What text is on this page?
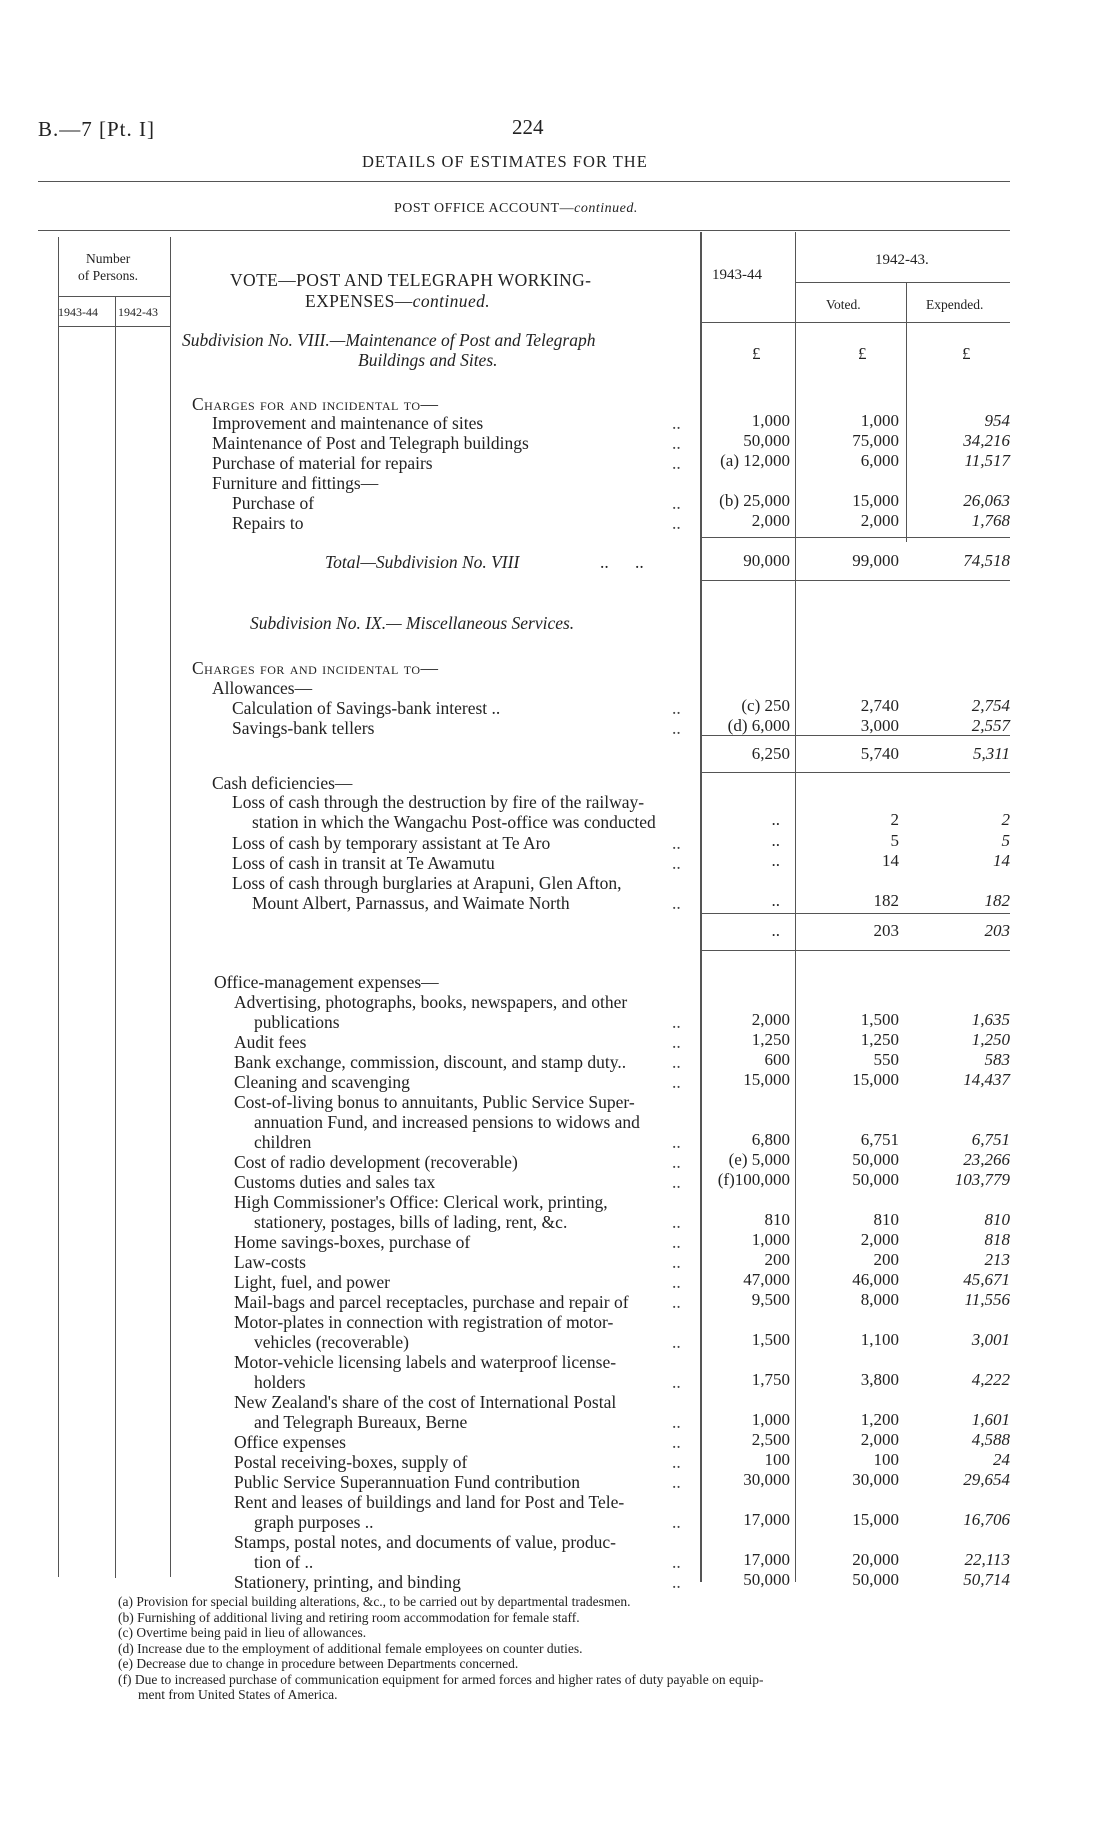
B.—7 [Pt. I]	224
DETAILS OF ESTIMATES FOR THE
POST OFFICE ACCOUNT—continued.
Number
of Persons.
1943-44 1942-43
VOTE—POST AND TELEGRAPH WORKING-
EXPENSES—continued.
1943-44
1942-43.
Voted.	Expended.
Subdivision No. VIII.—Maintenance of Post and Telegraph
Buildings and Sites.	£	£	£
Charges for and incidental to—
Improvement and maintenance of sites	..	1,000	1,000	954
Maintenance of Post and Telegraph buildings	..	50,000	75,000	34,216
Purchase of material for repairs	.. (a) 12,000	6,000	11,517
Furniture and fittings—
Purchase of	.. (b) 25,000	15,000	26,063
Repairs to	..	2,000	2,000	1,768
Total—Subdivision No. VIII	..      ..	90,000	99,000	74,518
Subdivision No. IX.— Miscellaneous Services.
Charges for and incidental to—
Allowances—
Calculation of Savings-bank interest ..	..	(c) 250	2,740	2,754
Savings-bank tellers	..	(d) 6,000	3,000	2,557
6,250	5,740	5,311
Cash deficiencies—
Loss of cash through the destruction by fire of the railway-
station in which the Wangachu Post-office was conducted	..	2	2
Loss of cash by temporary assistant at Te Aro	..	..	5	5
Loss of cash in transit at Te Awamutu	..	..	14	14
Loss of cash through burglaries at Arapuni, Glen Afton,
Mount Albert, Parnassus, and Waimate North	..	..	182	182
..	203	203
Office-management expenses—
Advertising, photographs, books, newspapers, and other
publications	..	2,000	1,500	1,635
Audit fees	..	1,250	1,250	1,250
Bank exchange, commission, discount, and stamp duty..	..	600	550	583
Cleaning and scavenging	..	15,000	15,000	14,437
Cost-of-living bonus to annuitants, Public Service Super-
annuation Fund, and increased pensions to widows and
children	..	6,800	6,751	6,751
Cost of radio development (recoverable)	..	(e) 5,000	50,000	23,266
Customs duties and sales tax	.. (f)100,000	50,000	103,779
High Commissioner's Office: Clerical work, printing,
stationery, postages, bills of lading, rent, &c.	..	810	810	810
Home savings-boxes, purchase of	..	1,000	2,000	818
Law-costs	..	200	200	213
Light, fuel, and power	..	47,000	46,000	45,671
Mail-bags and parcel receptacles, purchase and repair of ..	9,500	8,000	11,556
Motor-plates in connection with registration of motor-
vehicles (recoverable)	..	1,500	1,100	3,001
Motor-vehicle licensing labels and waterproof license-
holders	..	1,750	3,800	4,222
New Zealand's share of the cost of International Postal
and Telegraph Bureaux, Berne	..	1,000	1,200	1,601
Office expenses	..	2,500	2,000	4,588
Postal receiving-boxes, supply of	..	100	100	24
Public Service Superannuation Fund contribution	..	30,000	30,000	29,654
Rent and leases of buildings and land for Post and Tele-
graph purposes ..	..	17,000	15,000	16,706
Stamps, postal notes, and documents of value, produc-
tion of ..	..	17,000	20,000	22,113
Stationery, printing, and binding	..	50,000	50,000	50,714
(a) Provision for special building alterations, &c., to be carried out by departmental tradesmen.
(b) Furnishing of additional living and retiring room accommodation for female staff.
(c) Overtime being paid in lieu of allowances.
(d) Increase due to the employment of additional female employees on counter duties.
(e) Decrease due to change in procedure between Departments concerned.
(f) Due to increased purchase of communication equipment for armed forces and higher rates of duty payable on equip-
ment from United States of America.
